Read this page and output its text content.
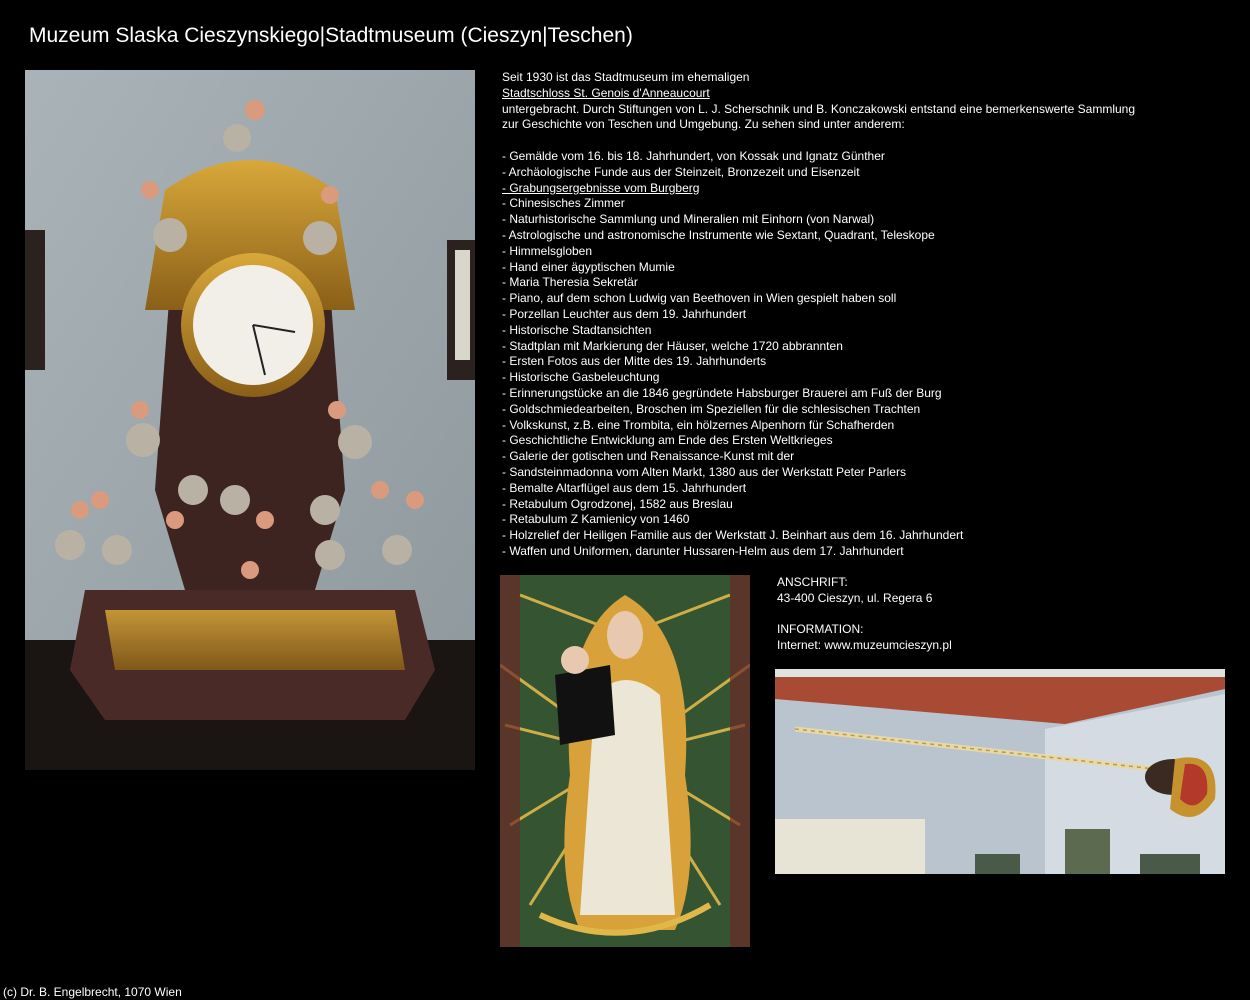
Muzeum Slaska Cieszynskiego|Stadtmuseum (Cieszyn|Teschen)
Seit 1930 ist das Stadtmuseum im ehemaligen
Stadtschloss St. Genois d'Anneaucourt
untergebracht. Durch Stiftungen von L. J. Scherschnik und B. Konczakowski entstand eine bemerkenswerte Sammlung
zur Geschichte von Teschen und Umgebung. Zu sehen sind unter anderem:
- Gemälde vom 16. bis 18. Jahrhundert, von Kossak und Ignatz Günther
- Archäologische Funde aus der Steinzeit, Bronzezeit und Eisenzeit
- Grabungsergebnisse vom Burgberg
- Chinesisches Zimmer
- Naturhistorische Sammlung und Mineralien mit Einhorn (von Narwal)
- Astrologische und astronomische Instrumente wie Sextant, Quadrant, Teleskope
- Himmelsgloben
- Hand einer ägyptischen Mumie
- Maria Theresia Sekretär
- Piano, auf dem schon Ludwig van Beethoven in Wien gespielt haben soll
- Porzellan Leuchter aus dem 19. Jahrhundert
- Historische Stadtansichten
- Stadtplan mit Markierung der Häuser, welche 1720 abbrannten
- Ersten Fotos aus der Mitte des 19. Jahrhunderts
- Historische Gasbeleuchtung
- Erinnerungstücke an die 1846 gegründete Habsburger Brauerei am Fuß der Burg
- Goldschmiedearbeiten, Broschen im Speziellen für die schlesischen Trachten
- Volkskunst, z.B. eine Trombita, ein hölzernes Alpenhorn für Schafherden
- Geschichtliche Entwicklung am Ende des Ersten Weltkrieges
- Galerie der gotischen und Renaissance-Kunst mit der
- Sandsteinmadonna vom Alten Markt, 1380 aus der Werkstatt Peter Parlers
- Bemalte Altarflügel aus dem 15. Jahrhundert
- Retabulum Ogrodzonej, 1582 aus Breslau
- Retabulum Z Kamienicy von 1460
- Holzrelief der Heiligen Familie aus der Werkstatt J. Beinhart aus dem 16. Jahrhundert
- Waffen und Uniformen, darunter Hussaren-Helm aus dem 17. Jahrhundert
ANSCHRIFT:
43-400 Cieszyn, ul. Regera 6
INFORMATION:
Internet: www.muzeumcieszyn.pl
(c) Dr. B. Engelbrecht, 1070 Wien
